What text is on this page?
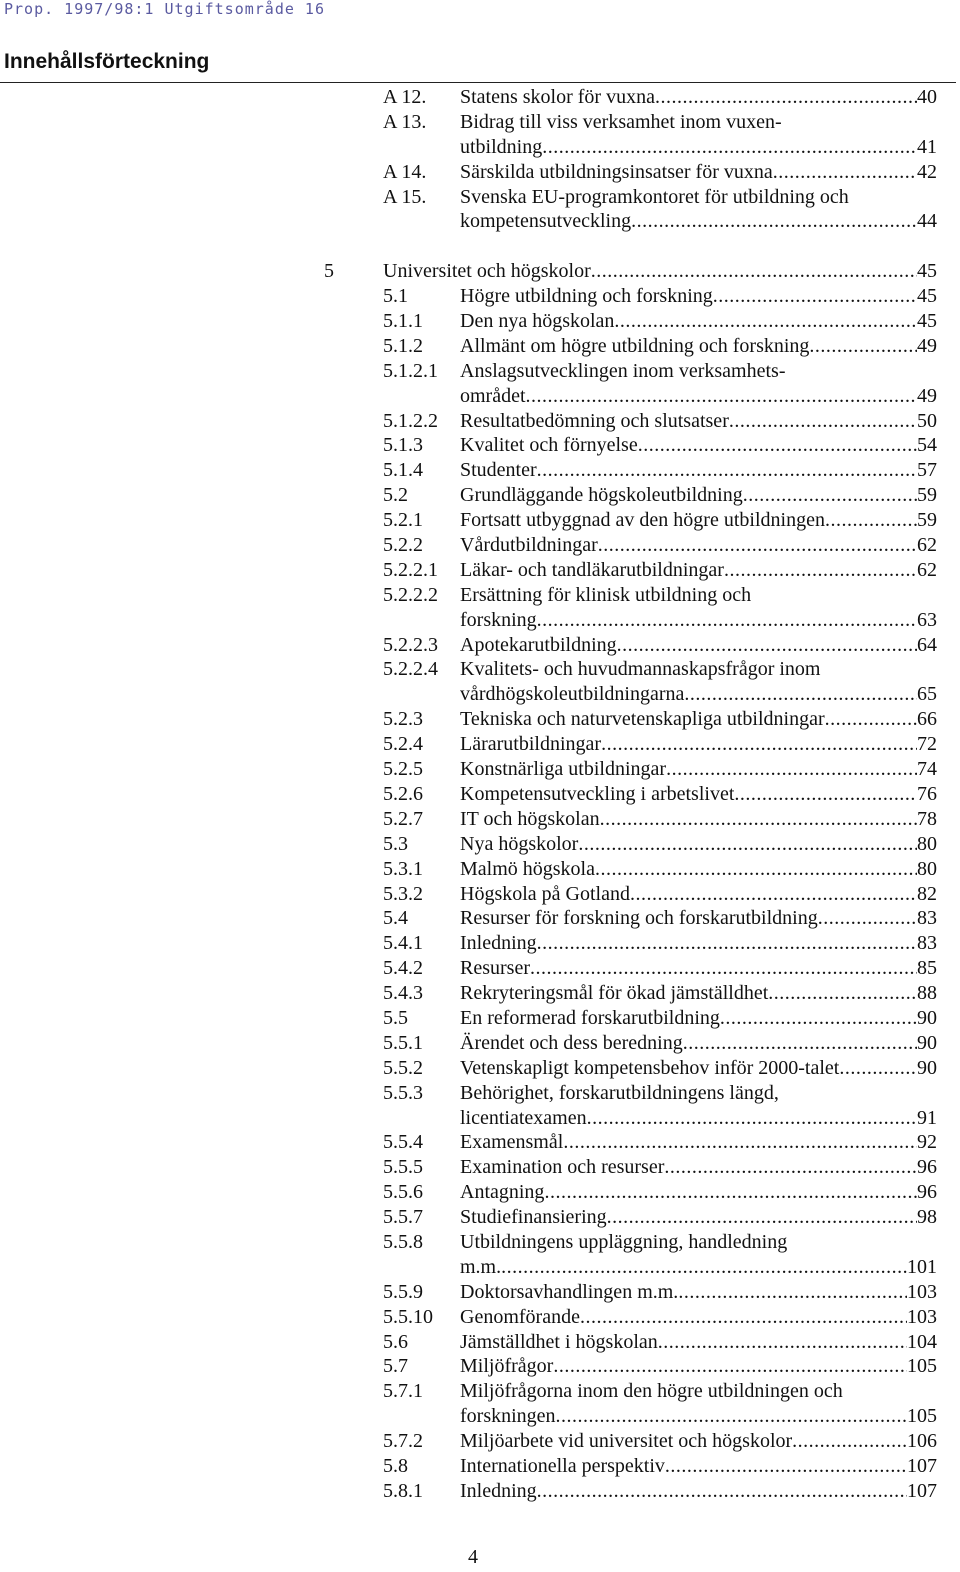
Prop. 1997/98:1 Utgiftsområde 16
Innehållsförteckning
A 12. Statens skolor för vuxna .....	40
A 13. Bidrag till viss verksamhet inom vuxen-
utbildning .....	41
A 14. Särskilda utbildningsinsatser för vuxna .....	42
A 15. Svenska EU-programkontoret för utbildning och
kompetensutveckling .....	44
5 Universitet och högskolor .....	45
5.1	Högre utbildning och forskning .....	45
5.1.1 Den nya högskolan .....	45
5.1.2 Allmänt om högre utbildning och forskning .....	49
5.1.2.1 Anslagsutvecklingen inom verksamhets-
området .....	49
5.1.2.2 Resultatbedömning och slutsatser .....	50
5.1.3 Kvalitet och förnyelse .....	54
5.1.4 Studenter .....	57
5.2	Grundläggande högskoleutbildning .....	59
5.2.1 Fortsatt utbyggnad av den högre utbildningen .....	59
5.2.2 Vårdutbildningar .....	62
5.2.2.1 Läkar- och tandläkarutbildningar .....	62
5.2.2.2 Ersättning för klinisk utbildning och
forskning .....	63
5.2.2.3 Apotekarutbildning .....	64
5.2.2.4 Kvalitets- och huvudmannaskapsfrågor inom
vårdhögskoleutbildningarna .....	65
5.2.3 Tekniska och naturvetenskapliga utbildningar .....	66
5.2.4 Lärarutbildningar .....	72
5.2.5 Konstnärliga utbildningar .....	74
5.2.6 Kompetensutveckling i arbetslivet .....	76
5.2.7 IT och högskolan .....	78
5.3	Nya högskolor .....	80
5.3.1 Malmö högskola .....	80
5.3.2 Högskola på Gotland .....	82
5.4	Resurser för forskning och forskarutbildning .....	83
5.4.1 Inledning .....	83
5.4.2 Resurser .....	85
5.4.3 Rekryteringsmål för ökad jämställdhet .....	88
5.5	En reformerad forskarutbildning .....	90
5.5.1 Ärendet och dess beredning .....	90
5.5.2 Vetenskapligt kompetensbehov inför 2000-talet .....	90
5.5.3 Behörighet, forskarutbildningens längd,
licentiatexamen .....	91
5.5.4 Examensmål .....	92
5.5.5 Examination och resurser .....	96
5.5.6 Antagning .....	96
5.5.7 Studiefinansiering .....	98
5.5.8 Utbildningens uppläggning, handledning
m.m. .....	101
5.5.9 Doktorsavhandlingen m.m. .....	103
5.5.10 Genomförande .....	103
5.6	Jämställdhet i högskolan .....	104
5.7	Miljöfrågor .....	105
5.7.1 Miljöfrågorna inom den högre utbildningen och
forskningen .....	105
5.7.2 Miljöarbete vid universitet och högskolor .....	106
5.8	Internationella perspektiv .....	107
5.8.1 Inledning .....	107
4
